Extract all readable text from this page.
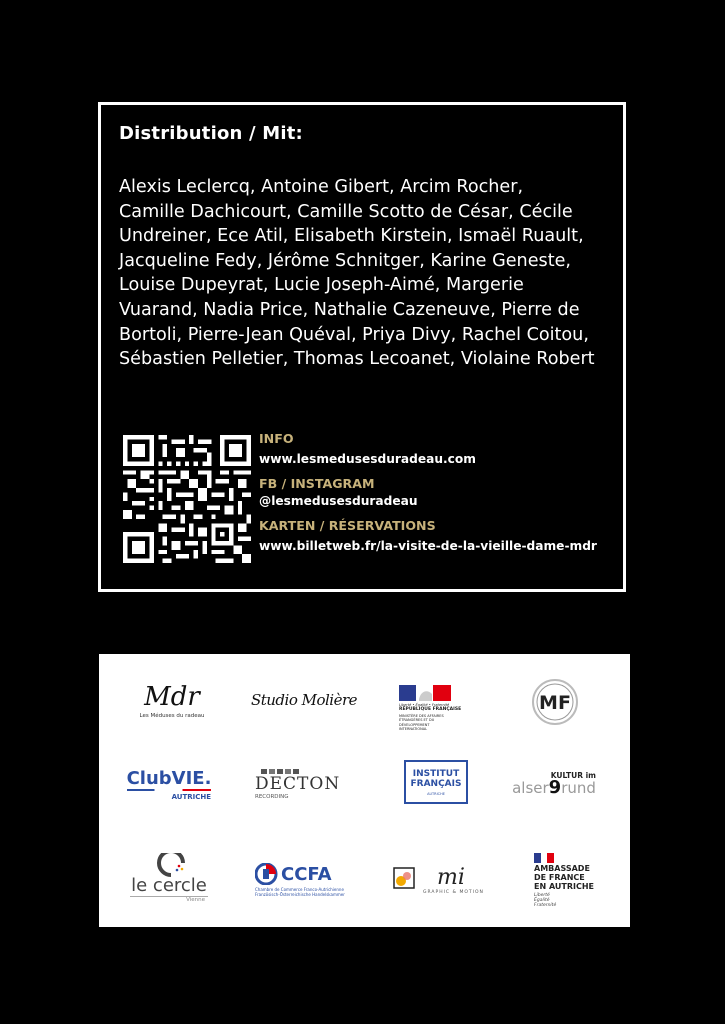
Distribution / Mit:
Alexis Leclercq, Antoine Gibert, Arcim Rocher,
Camille Dachicourt, Camille Scotto de César, Cécile
Undreiner, Ece Atil, Elisabeth Kirstein, Ismaël Ruault,
Jacqueline Fedy, Jérôme Schnitger, Karine Geneste,
Louise Dupeyrat, Lucie Joseph-Aimé, Margerie
Vuarand, Nadia Price, Nathalie Cazeneuve, Pierre de
Bortoli, Pierre-Jean Quéval, Priya Divy, Rachel Coitou,
Sébastien Pelletier, Thomas Lecoanet, Violaine Robert
INFO
www.lesmedusesduradeau.com
FB / INSTAGRAM
@lesmedusesduradeau
KARTEN / RÉSERVATIONS
www.billetweb.fr/la-visite-de-la-vieille-dame-mdr
Mdr
Les Méduses du radeau
Studio Molière	Liberté • Égalité • Fraternité
RÉPUBLIQUE FRANÇAISE
MINISTÈRE DES AFFAIRES ÉTRANGÈRES ET DU DÉVELOPPEMENT INTERNATIONAL
MF
Club VIE.
AUTRICHE
DECTON
RECORDING
INSTITUT
FRANÇAIS
AUTRICHE
KULTUR im
alser 9 rund
le cercle
Vienne
CCFA
Chambre de Commerce Franco-Autrichienne
Französisch-Österreichische Handelskammer
mi
GRAPHIC & MOTION
AMBASSADE
DE FRANCE
EN AUTRICHE
Liberté
Égalité
Fraternité
